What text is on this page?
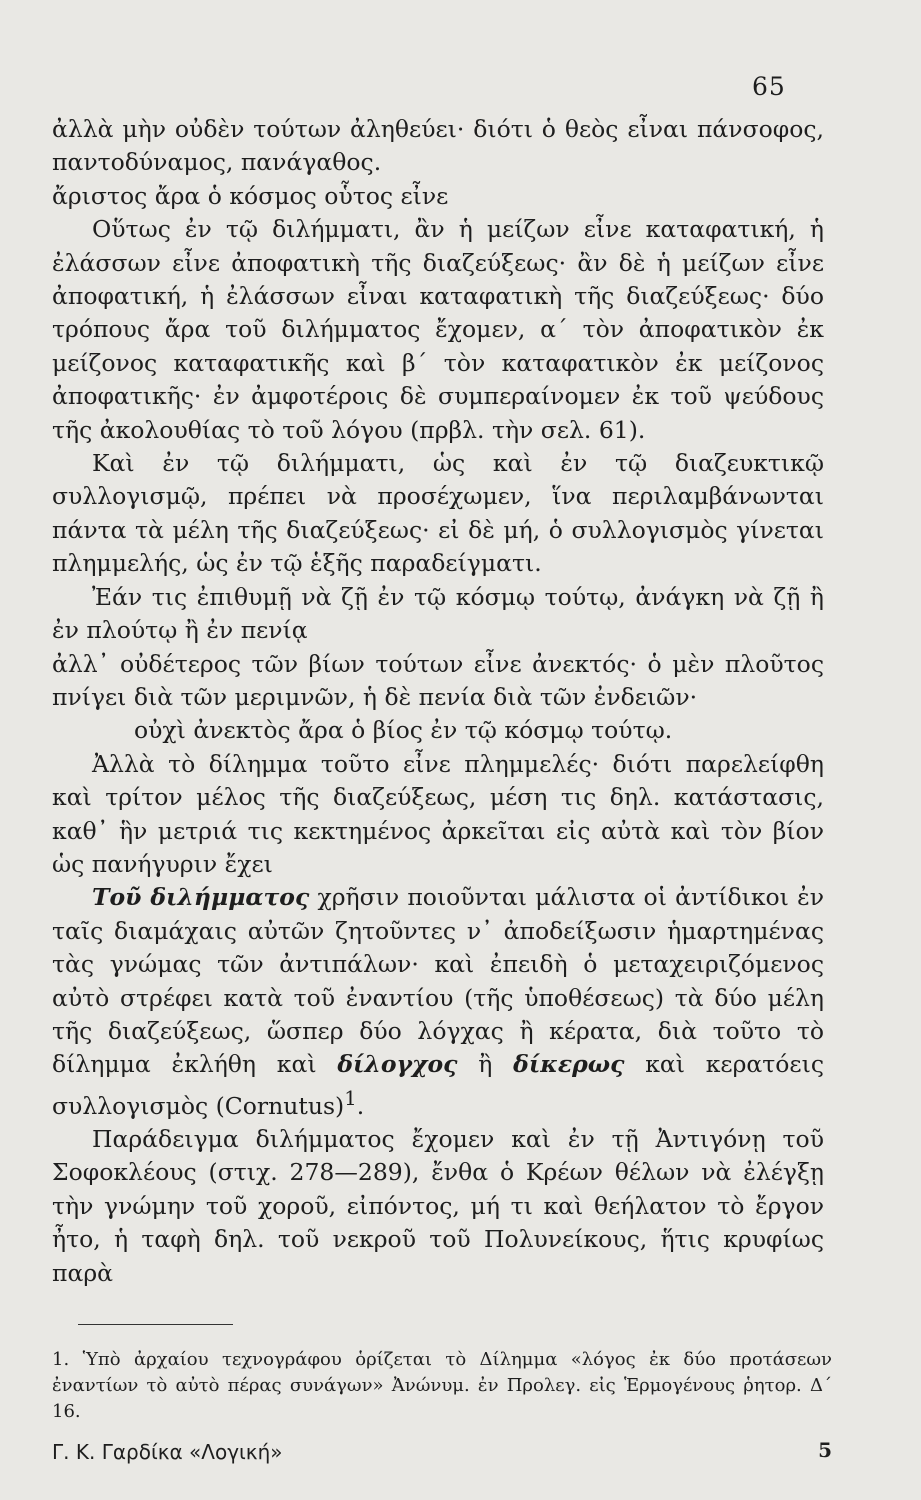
65

ἀλλὰ μὴν οὐδὲν τούτων ἀληθεύει· διότι ὁ θεὸς εἶναι πάνσοφος, παντοδύναμος, πανάγαθος.

ἄριστος ἄρα ὁ κόσμος οὗτος εἶνε

Οὕτως ἐν τῷ διλήμματι, ἂν ἡ μείζων εἶνε καταφατική, ἡ ἐλάσσων εἶνε ἀποφατικὴ τῆς διαζεύξεως· ἂν δὲ ἡ μείζων εἶνε ἀποφατική, ἡ ἐλάσσων εἶναι καταφατικὴ τῆς διαζεύξεως· δύο τρόπους ἄρα τοῦ διλήμματος ἔχομεν, α΄ τὸν ἀποφατικὸν ἐκ μείζονος καταφατικῆς καὶ β΄ τὸν καταφατικὸν ἐκ μείζονος ἀποφατικῆς· ἐν ἀμφοτέροις δὲ συμπεραίνομεν ἐκ τοῦ ψεύδους τῆς ἀκολουθίας τὸ τοῦ λόγου (πρβλ. τὴν σελ. 61).

Καὶ ἐν τῷ διλήμματι, ὡς καὶ ἐν τῷ διαζευκτικῷ συλλογισμῷ, πρέπει νὰ προσέχωμεν, ἵνα περιλαμβάνωνται πάντα τὰ μέλη τῆς διαζεύξεως· εἰ δὲ μή, ὁ συλλογισμὸς γίνεται πλημμελής, ὡς ἐν τῷ ἑξῆς παραδείγματι.

Ἐάν τις ἐπιθυμῇ νὰ ζῇ ἐν τῷ κόσμῳ τούτῳ, ἀνάγκη νὰ ζῇ ἢ ἐν πλούτῳ ἢ ἐν πενίᾳ

ἀλλ᾿ οὐδέτερος τῶν βίων τούτων εἶνε ἀνεκτός· ὁ μὲν πλοῦτος πνίγει διὰ τῶν μεριμνῶν, ἡ δὲ πενία διὰ τῶν ἐνδειῶν·

οὐχὶ ἀνεκτὸς ἄρα ὁ βίος ἐν τῷ κόσμῳ τούτῳ.

Ἀλλὰ τὸ δίλημμα τοῦτο εἶνε πλημμελές· διότι παρελείφθη καὶ τρίτον μέλος τῆς διαζεύξεως, μέση τις δηλ. κατάστασις, καθ᾿ ἣν μετριά τις κεκτημένος ἀρκεῖται εἰς αὐτὰ καὶ τὸν βίον ὡς πανήγυριν ἔχει

Τοῦ διλήμματος χρῆσιν ποιοῦνται μάλιστα οἱ ἀντίδικοι ἐν ταῖς διαμάχαις αὐτῶν ζητοῦντες ν᾿ ἀποδείξωσιν ἡμαρτημένας τὰς γνώμας τῶν ἀντιπάλων· καὶ ἐπειδὴ ὁ μεταχειριζόμενος αὐτὸ στρέφει κατὰ τοῦ ἐναντίου (τῆς ὑποθέσεως) τὰ δύο μέλη τῆς διαζεύξεως, ὥσπερ δύο λόγχας ἢ κέρατα, διὰ τοῦτο τὸ δίλημμα ἐκλήθη καὶ δίλογχος ἢ δίκερως καὶ κερατόεις συλλογισμὸς (Cornutus)$^1$.

Παράδειγμα διλήμματος ἔχομεν καὶ ἐν τῇ Ἀντιγόνῃ τοῦ Σοφοκλέους (στιχ. 278—289), ἔνθα ὁ Κρέων θέλων νὰ ἐλέγξῃ τὴν γνώμην τοῦ χοροῦ, εἰπόντος, μή τι καὶ θεήλατον τὸ ἔργον ἦτο, ἡ ταφὴ δηλ. τοῦ νεκροῦ τοῦ Πολυνείκους, ἥτις κρυφίως παρὰ

1. Ὑπὸ ἀρχαίου τεχνογράφου ὁρίζεται τὸ Δίλημμα «λόγος ἐκ δύο προτάσεων ἐναντίων τὸ αὐτὸ πέρας συνάγων» Ἀνώνυμ. ἐν Προλεγ. εἰς Ἑρμογένους ῥητορ. Δ΄ 16.
Γ. Κ. Γαρδίκα «Λογική»	5
